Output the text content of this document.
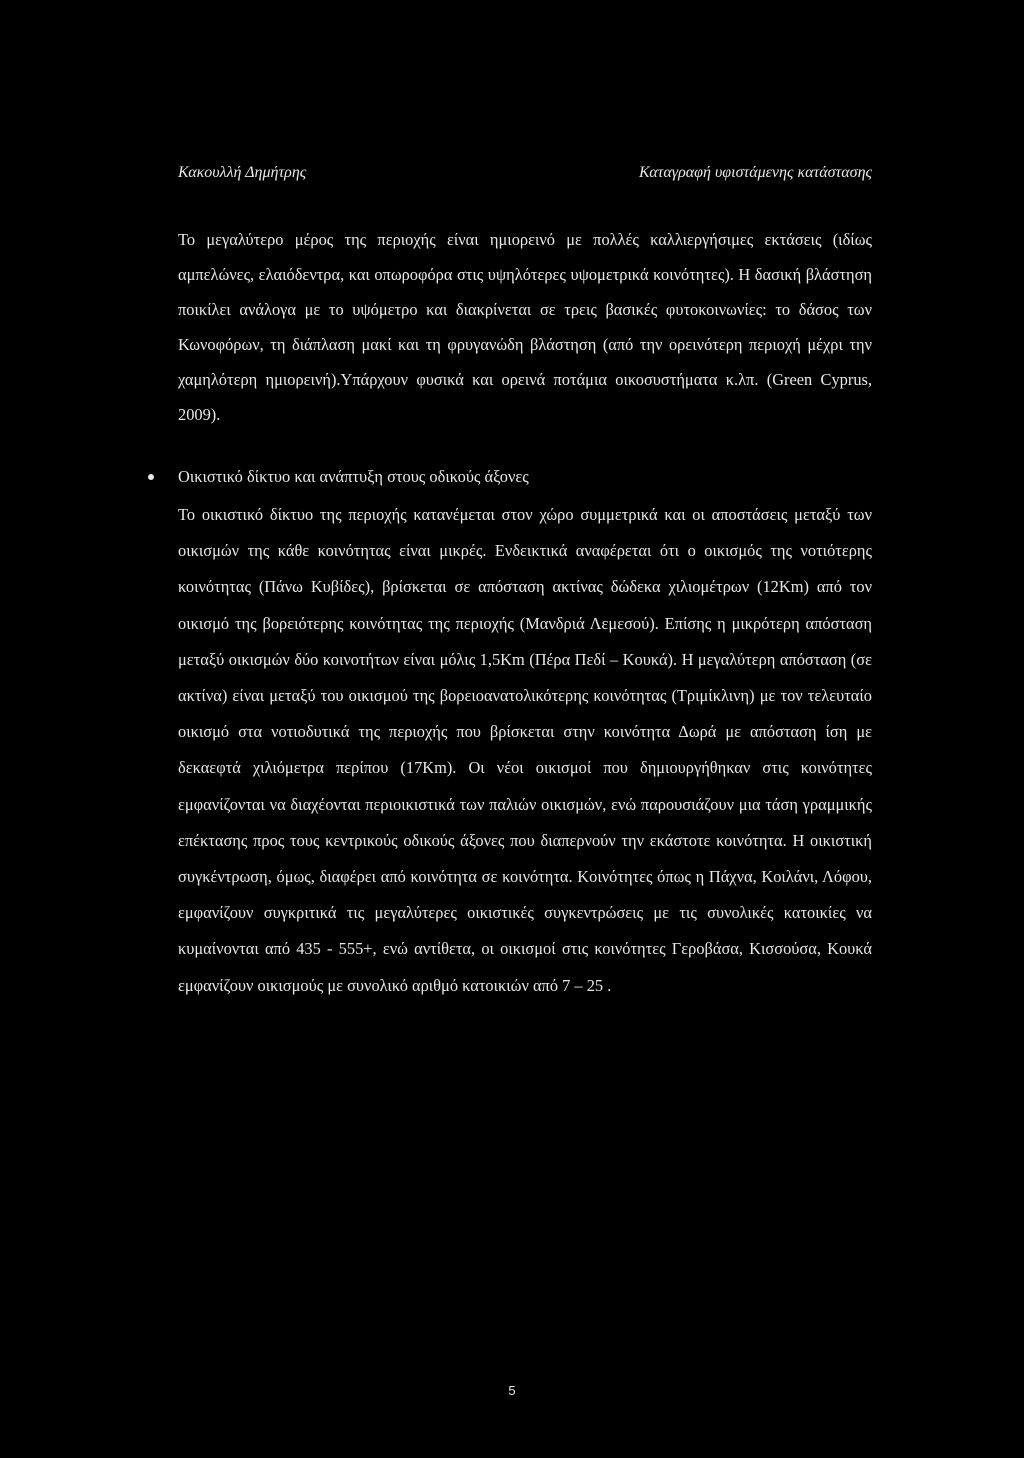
Κακουλλή Δημήτρης	Καταγραφή υφιστάμενης κατάστασης

Το μεγαλύτερο μέρος της περιοχής είναι ημιορεινό με πολλές καλλιεργήσιμες εκτάσεις (ιδίως αμπελώνες, ελαιόδεντρα, και οπωροφόρα στις υψηλότερες υψομετρικά κοινότητες). Η δασική βλάστηση ποικίλει ανάλογα με το υψόμετρο και διακρίνεται σε τρεις βασικές φυτοκοινωνίες: το δάσος των Κωνοφόρων, τη διάπλαση μακί και τη φρυγανώδη βλάστηση (από την ορεινότερη περιοχή μέχρι την χαμηλότερη ημιορεινή).Υπάρχουν φυσικά και ορεινά ποτάμια οικοσυστήματα κ.λπ. (Green Cyprus, 2009).

Οικιστικό δίκτυο και ανάπτυξη στους οδικούς άξονες

Το οικιστικό δίκτυο της περιοχής κατανέμεται στον χώρο συμμετρικά και οι αποστάσεις μεταξύ των οικισμών της κάθε κοινότητας είναι μικρές. Ενδεικτικά αναφέρεται ότι ο οικισμός της νοτιότερης κοινότητας (Πάνω Κυβίδες), βρίσκεται σε απόσταση ακτίνας δώδεκα χιλιομέτρων (12Km) από τον οικισμό της βορειότερης κοινότητας της περιοχής (Μανδριά Λεμεσού). Επίσης η μικρότερη απόσταση μεταξύ οικισμών δύο κοινοτήτων είναι μόλις 1,5Km (Πέρα Πεδί – Κουκά). Η μεγαλύτερη απόσταση (σε ακτίνα) είναι μεταξύ του οικισμού της βορειοανατολικότερης κοινότητας (Τριμίκλινη) με τον τελευταίο οικισμό στα νοτιοδυτικά της περιοχής που βρίσκεται στην κοινότητα Δωρά με απόσταση ίση με δεκαεφτά χιλιόμετρα περίπου (17Km). Οι νέοι οικισμοί που δημιουργήθηκαν στις κοινότητες εμφανίζονται να διαχέονται περιοικιστικά των παλιών οικισμών, ενώ παρουσιάζουν μια τάση γραμμικής επέκτασης προς τους κεντρικούς οδικούς άξονες που διαπερνούν την εκάστοτε κοινότητα. Η οικιστική συγκέντρωση, όμως, διαφέρει από κοινότητα σε κοινότητα. Κοινότητες όπως η Πάχνα, Κοιλάνι, Λόφου, εμφανίζουν συγκριτικά τις μεγαλύτερες οικιστικές συγκεντρώσεις με τις συνολικές κατοικίες να κυμαίνονται από 435 - 555+, ενώ αντίθετα, οι οικισμοί στις κοινότητες Γεροβάσα, Κισσούσα, Κουκά εμφανίζουν οικισμούς με συνολικό αριθμό κατοικιών από 7 – 25 .

5
